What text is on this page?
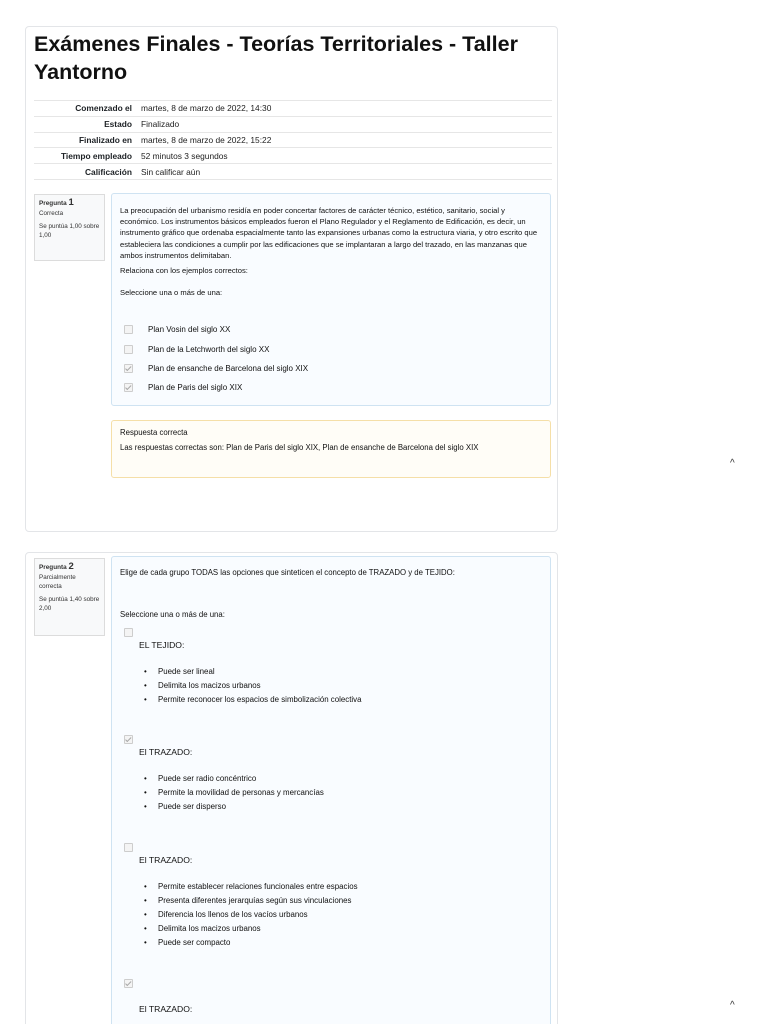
Exámenes Finales - Teorías Territoriales - Taller Yantorno
Comenzado el	martes, 8 de marzo de 2022, 14:30
Estado	Finalizado
Finalizado en	martes, 8 de marzo de 2022, 15:22
Tiempo empleado	52 minutos 3 segundos
Calificación	Sin calificar aún
Pregunta 1
Correcta
Se puntúa 1,00 sobre 1,00

La preocupación del urbanismo residía en poder concertar factores de carácter técnico, estético, sanitario, social y económico. Los instrumentos básicos empleados fueron el Plano Regulador y el Reglamento de Edificación, es decir, un instrumento gráfico que ordenaba espacialmente tanto las expansiones urbanas como la estructura viaria, y otro escrito que estableciera las condiciones a cumplir por las edificaciones que se implantaran a largo del trazado, en las manzanas que ambos instrumentos delimitaban.

Relaciona con los ejemplos correctos:

Seleccione una o más de una:

Plan Vosin del siglo XX
Plan de la Letchworth del siglo XX
Plan de ensanche de Barcelona del siglo XIX
Plan de Paris del siglo XIX

Respuesta correcta

Las respuestas correctas son: Plan de Paris del siglo XIX, Plan de ensanche de Barcelona del siglo XIX

^
Pregunta 2
Parcialmente correcta
Se puntúa 1,40 sobre 2,00

Elige de cada grupo TODAS las opciones que sinteticen el concepto de TRAZADO y de TEJIDO:

Seleccione una o más de una:

EL TEJIDO:
• Puede ser lineal
• Delimita los macizos urbanos
• Permite reconocer los espacios de simbolización colectiva
El TRAZADO:
• Puede ser radio concéntrico
• Permite la movilidad de personas y mercancías
• Puede ser disperso
El TRAZADO:
• Permite establecer relaciones funcionales entre espacios
• Presenta diferentes jerarquías según sus vinculaciones
• Diferencia los llenos de los vacíos urbanos
• Delimita los macizos urbanos
• Puede ser compacto
El TRAZADO:	^
